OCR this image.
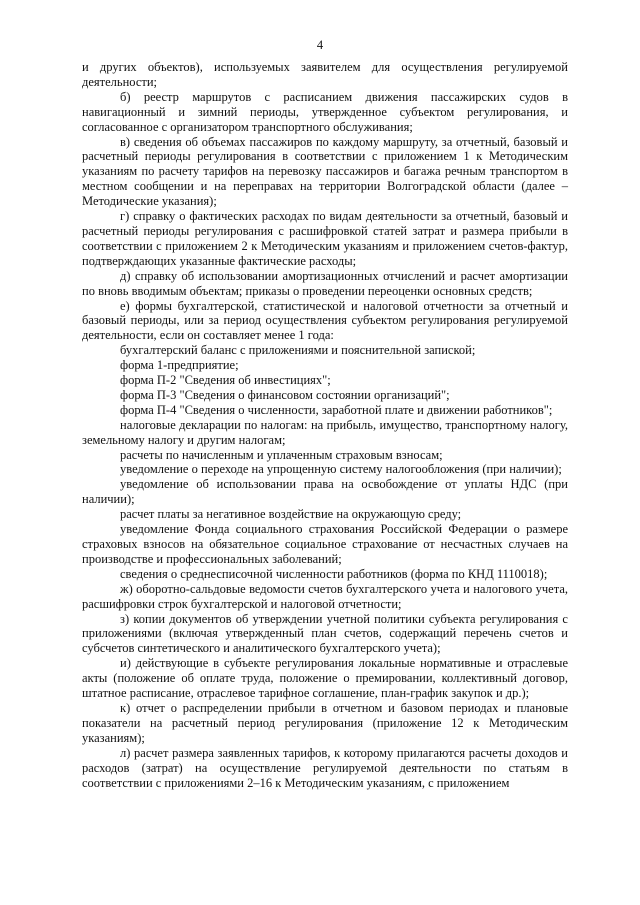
4

и других объектов), используемых заявителем для осуществления регулируемой деятельности;

б) реестр маршрутов с расписанием движения пассажирских судов в навигационный и зимний периоды, утвержденное субъектом регулирования, и согласованное с организатором транспортного обслуживания;

в) сведения об объемах пассажиров по каждому маршруту, за отчетный, базовый и расчетный периоды регулирования в соответствии с приложением 1 к Методическим указаниям по расчету тарифов на перевозку пассажиров и багажа речным транспортом в местном сообщении и на переправах на территории Волгоградской области (далее – Методические указания);

г) справку о фактических расходах по видам деятельности за отчетный, базовый и расчетный периоды регулирования с расшифровкой статей затрат и размера прибыли в соответствии с приложением 2 к Методическим указаниям и приложением счетов-фактур, подтверждающих указанные фактические расходы;

д) справку об использовании амортизационных отчислений и расчет амортизации по вновь вводимым объектам; приказы о проведении переоценки основных средств;

е) формы бухгалтерской, статистической и налоговой отчетности за отчетный и базовый периоды, или за период осуществления субъектом регулирования регулируемой деятельности, если он составляет менее 1 года:

бухгалтерский баланс с приложениями и пояснительной запиской;

форма 1-предприятие;

форма П-2 "Сведения об инвестициях";

форма П-3 "Сведения о финансовом состоянии организаций";

форма П-4 "Сведения о численности, заработной плате и движении работников";

налоговые декларации по налогам: на прибыль, имущество, транспортному налогу, земельному налогу и другим налогам;

расчеты по начисленным и уплаченным страховым взносам;

уведомление о переходе на упрощенную систему налогообложения (при наличии);

уведомление об использовании права на освобождение от уплаты НДС (при наличии);

расчет платы за негативное воздействие на окружающую среду;

уведомление Фонда социального страхования Российской Федерации о размере страховых взносов на обязательное социальное страхование от несчастных случаев на производстве и профессиональных заболеваний;

сведения о среднесписочной численности работников (форма по КНД 1110018);

ж) оборотно-сальдовые ведомости счетов бухгалтерского учета и налогового учета, расшифровки строк бухгалтерской и налоговой отчетности;

з) копии документов об утверждении учетной политики субъекта регулирования с приложениями (включая утвержденный план счетов, содержащий перечень счетов и субсчетов синтетического и аналитического бухгалтерского учета);

и) действующие в субъекте регулирования локальные нормативные и отраслевые акты (положение об оплате труда, положение о премировании, коллективный договор, штатное расписание, отраслевое тарифное соглашение, план-график закупок и др.);

к) отчет о распределении прибыли в отчетном и базовом периодах и плановые показатели на расчетный период регулирования (приложение 12 к Методическим указаниям);

л) расчет размера заявленных тарифов, к которому прилагаются расчеты доходов и расходов (затрат) на осуществление регулируемой деятельности по статьям в соответствии с приложениями 2–16 к Методическим указаниям, с приложением
